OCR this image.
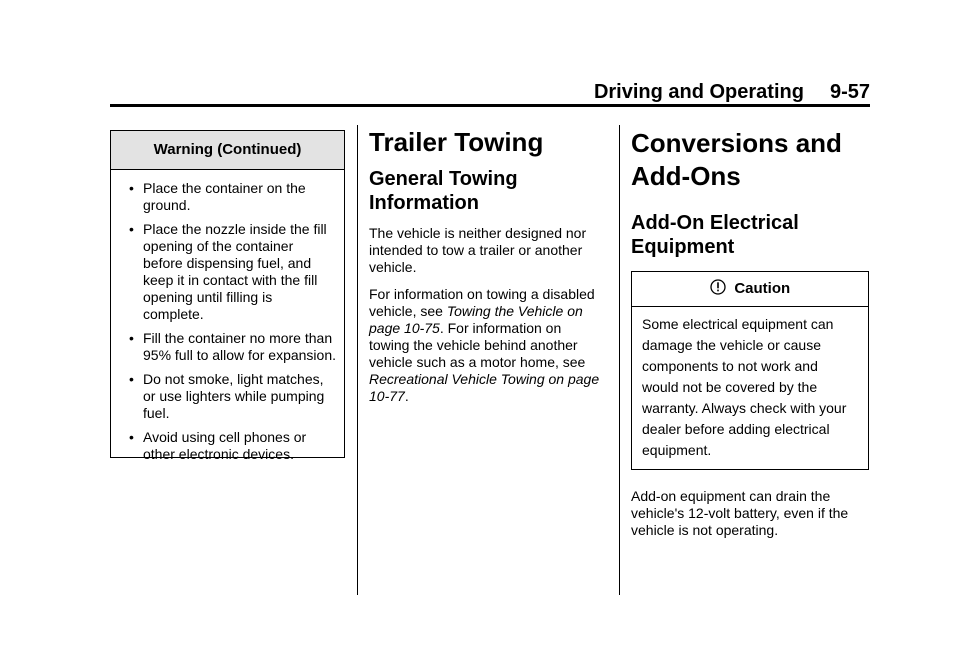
Driving and Operating 9-57
Warning (Continued)
• Place the container on the ground.
• Place the nozzle inside the fill opening of the container before dispensing fuel, and keep it in contact with the fill opening until filling is complete.
• Fill the container no more than 95% full to allow for expansion.
• Do not smoke, light matches, or use lighters while pumping fuel.
• Avoid using cell phones or other electronic devices.
Trailer Towing
General Towing Information

The vehicle is neither designed nor intended to tow a trailer or another vehicle.

For information on towing a disabled vehicle, see Towing the Vehicle on page 10-75. For information on towing the vehicle behind another vehicle such as a motor home, see Recreational Vehicle Towing on page 10-77.

Conversions and Add-Ons
Add-On Electrical Equipment
Caution
Some electrical equipment can damage the vehicle or cause components to not work and would not be covered by the warranty. Always check with your dealer before adding electrical equipment.

Add-on equipment can drain the vehicle's 12-volt battery, even if the vehicle is not operating.
